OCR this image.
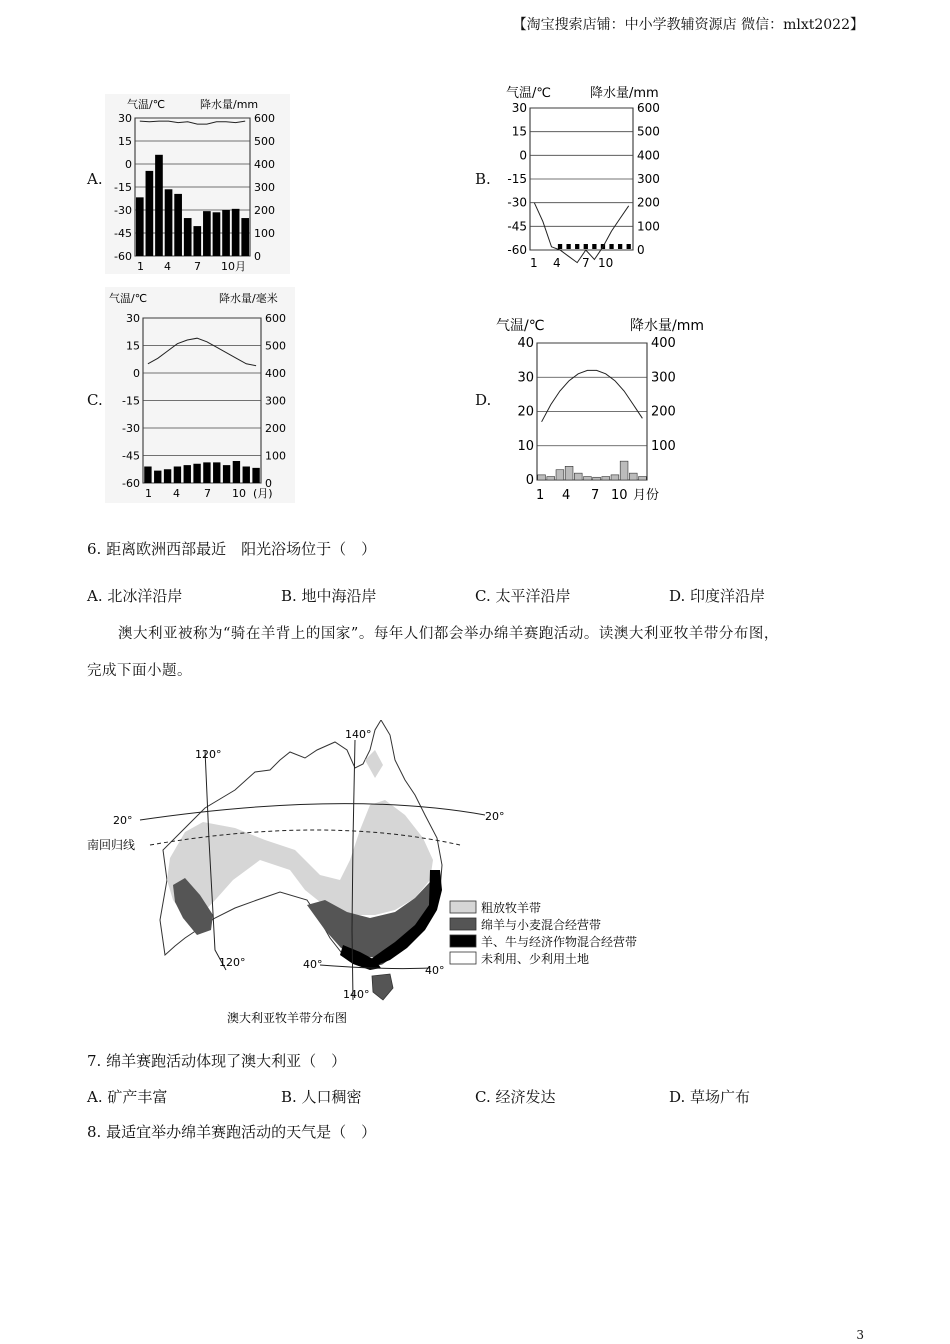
【淘宝搜索店铺：中小学教辅资源店 微信：mlxt2022】
A.	B.
C.	D.
气温/℃	降水量/mm
30
15
0
-15
-30
-45
-60
600
500
400
300
200
100
0
1 4 7 10月
气温/℃	降水量/mm
30
15
0
-15
-30
-45
-60
600
500
400
300
200
100
0
1 4 7 10
气温/℃	降水量/毫米
30
15
0
-15
-30
-45
-60
600
500
400
300
200
100
0
1 4 7 10 (月)
气温/℃	降水量/mm
40
30
20
10
0
400
300
200
100
1 4 7 10 月份
6. 距离欧洲西部最近　阳光浴场位于（　）
A. 北冰洋沿岸	B. 地中海沿岸	C. 太平洋沿岸	D. 印度洋沿岸
澳大利亚被称为“骑在羊背上的国家”。每年人们都会举办绵羊赛跑活动。读澳大利亚牧羊带分布图，
完成下面小题。
120°
140°
20°	20°
南回归线
120°	40°	40°
140°
粗放牧羊带
绵羊与小麦混合经营带
羊、牛与经济作物混合经营带
未利用、少利用土地
澳大利亚牧羊带分布图
7. 绵羊赛跑活动体现了澳大利亚（　）
A. 矿产丰富	B. 人口稠密	C. 经济发达	D. 草场广布
8. 最适宜举办绵羊赛跑活动的天气是（　）
3
